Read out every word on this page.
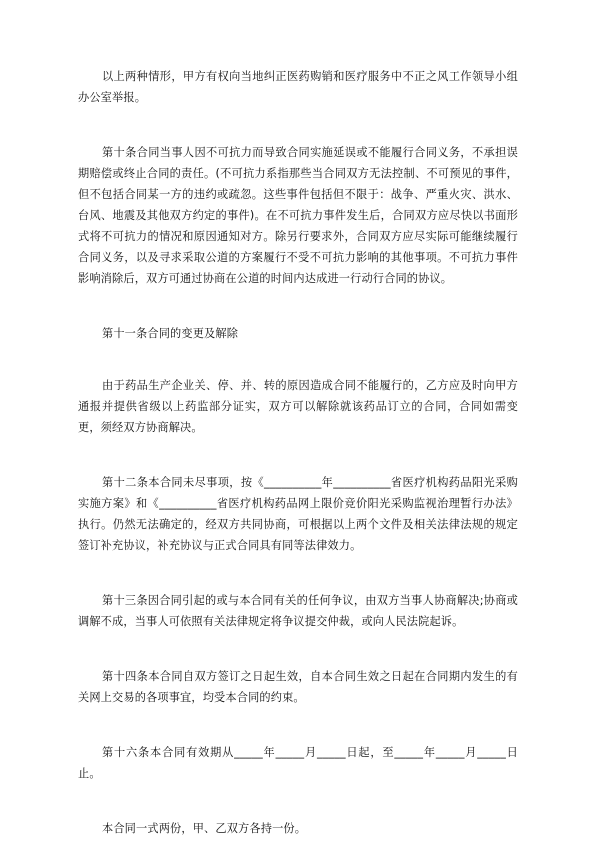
以上两种情形，甲方有权向当地纠正医药购销和医疗服务中不正之风工作领导小组办公室举报。

第十条合同当事人因不可抗力而导致合同实施延误或不能履行合同义务，不承担误期赔偿或终止合同的责任。(不可抗力系指那些当合同双方无法控制、不可预见的事件，但不包括合同某一方的违约或疏忽。这些事件包括但不限于：战争、严重火灾、洪水、台风、地震及其他双方约定的事件)。在不可抗力事件发生后，合同双方应尽快以书面形式将不可抗力的情况和原因通知对方。除另行要求外，合同双方应尽实际可能继续履行合同义务，以及寻求采取公道的方案履行不受不可抗力影响的其他事项。不可抗力事件影响消除后，双方可通过协商在公道的时间内达成进一行动行合同的协议。

第十一条合同的变更及解除

由于药品生产企业关、停、并、转的原因造成合同不能履行的，乙方应及时向甲方通报并提供省级以上药监部分证实，双方可以解除就该药品订立的合同，合同如需变更，须经双方协商解决。

第十二条本合同未尽事项，按《__________年__________省医疗机构药品阳光采购实施方案》和《__________省医疗机构药品网上限价竞价阳光采购监视治理暂行办法》执行。仍然无法确定的，经双方共同协商，可根据以上两个文件及相关法律法规的规定签订补充协议，补充协议与正式合同具有同等法律效力。

第十三条因合同引起的或与本合同有关的任何争议，由双方当事人协商解决;协商或调解不成，当事人可依照有关法律规定将争议提交仲裁，或向人民法院起诉。

第十四条本合同自双方签订之日起生效，自本合同生效之日起在合同期内发生的有关网上交易的各项事宜，均受本合同的约束。

第十六条本合同有效期从_____年_____月_____日起，至_____年_____月_____日止。

本合同一式两份，甲、乙双方各持一份。
